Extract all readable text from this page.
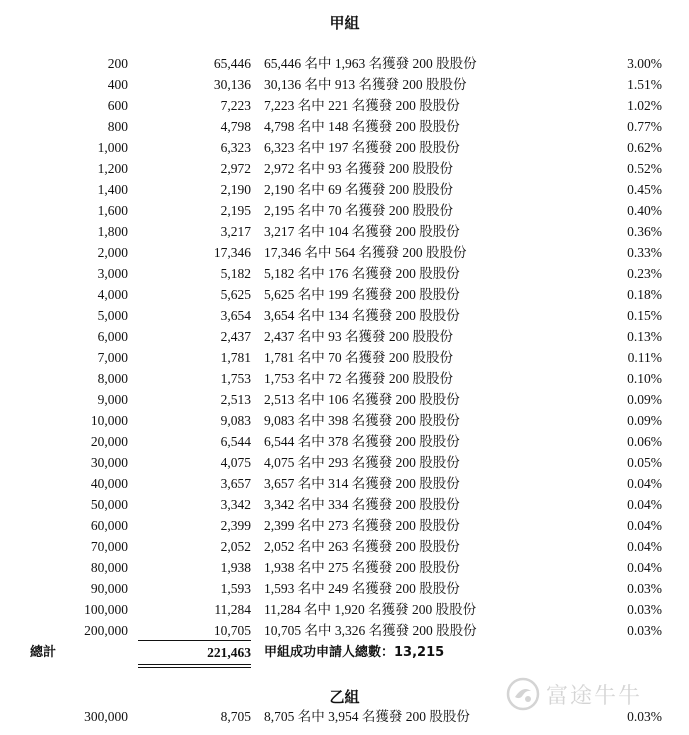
甲組
200	65,446 65,446 名中 1,963 名獲發 200 股股份	3.00%
400	30,136 30,136 名中 913 名獲發 200 股股份	1.51%
600	7,223 7,223 名中 221 名獲發 200 股股份	1.02%
800	4,798 4,798 名中 148 名獲發 200 股股份	0.77%
1,000	6,323 6,323 名中 197 名獲發 200 股股份	0.62%
1,200	2,972 2,972 名中 93 名獲發 200 股股份	0.52%
1,400	2,190 2,190 名中 69 名獲發 200 股股份	0.45%
1,600	2,195 2,195 名中 70 名獲發 200 股股份	0.40%
1,800	3,217 3,217 名中 104 名獲發 200 股股份	0.36%
2,000	17,346 17,346 名中 564 名獲發 200 股股份	0.33%
3,000	5,182 5,182 名中 176 名獲發 200 股股份	0.23%
4,000	5,625 5,625 名中 199 名獲發 200 股股份	0.18%
5,000	3,654 3,654 名中 134 名獲發 200 股股份	0.15%
6,000	2,437 2,437 名中 93 名獲發 200 股股份	0.13%
7,000	1,781 1,781 名中 70 名獲發 200 股股份	0.11%
8,000	1,753 1,753 名中 72 名獲發 200 股股份	0.10%
9,000	2,513 2,513 名中 106 名獲發 200 股股份	0.09%
10,000	9,083 9,083 名中 398 名獲發 200 股股份	0.09%
20,000	6,544 6,544 名中 378 名獲發 200 股股份	0.06%
30,000	4,075 4,075 名中 293 名獲發 200 股股份	0.05%
40,000	3,657 3,657 名中 314 名獲發 200 股股份	0.04%
50,000	3,342 3,342 名中 334 名獲發 200 股股份	0.04%
60,000	2,399 2,399 名中 273 名獲發 200 股股份	0.04%
70,000	2,052 2,052 名中 263 名獲發 200 股股份	0.04%
80,000	1,938 1,938 名中 275 名獲發 200 股股份	0.04%
90,000	1,593 1,593 名中 249 名獲發 200 股股份	0.03%
100,000	11,284 11,284 名中 1,920 名獲發 200 股股份	0.03%
200,000	10,705 10,705 名中 3,326 名獲發 200 股股份	0.03%
總計	221,463 甲組成功申請人總數：13,215
乙組
300,000	8,705 8,705 名中 3,954 名獲發 200 股股份	0.03%
富途牛牛
